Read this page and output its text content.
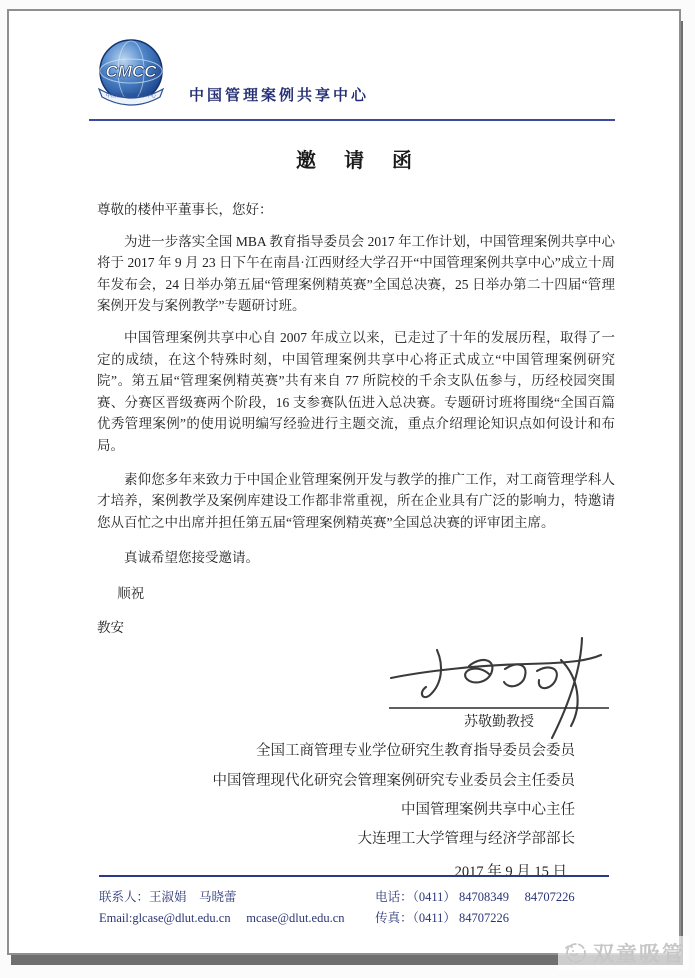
CMCC
中国管理案例共享中心 中国管理案例共享中心
邀　请　函

尊敬的楼仲平董事长，您好：

为进一步落实全国 MBA 教育指导委员会 2017 年工作计划，中国管理案例共享中心将于 2017 年 9 月 23 日下午在南昌·江西财经大学召开“中国管理案例共享中心”成立十周年发布会，24 日举办第五届“管理案例精英赛”全国总决赛，25 日举办第二十四届“管理案例开发与案例教学”专题研讨班。

中国管理案例共享中心自 2007 年成立以来，已走过了十年的发展历程，取得了一定的成绩，在这个特殊时刻，中国管理案例共享中心将正式成立“中国管理案例研究院”。第五届“管理案例精英赛”共有来自 77 所院校的千余支队伍参与，历经校园突围赛、分赛区晋级赛两个阶段，16 支参赛队伍进入总决赛。专题研讨班将围绕“全国百篇优秀管理案例”的使用说明编写经验进行主题交流，重点介绍理论知识点如何设计和布局。

素仰您多年来致力于中国企业管理案例开发与教学的推广工作，对工商管理学科人才培养，案例教学及案例库建设工作都非常重视，所在企业具有广泛的影响力，特邀请您从百忙之中出席并担任第五届“管理案例精英赛”全国总决赛的评审团主席。

真诚希望您接受邀请。

顺祝

教安

苏敬勤教授

全国工商管理专业学位研究生教育指导委员会委员

中国管理现代化研究会管理案例研究专业委员会主任委员

中国管理案例共享中心主任

大连理工大学管理与经济学部部长

2017 年 9 月 15 日

联系人：王淑娟　马晓蕾

Email:glcase@dlut.edu.cn　 mcase@dlut.edu.cn

电话：（0411） 84708349　 84707226

传真：（0411） 84707226

双童吸管
